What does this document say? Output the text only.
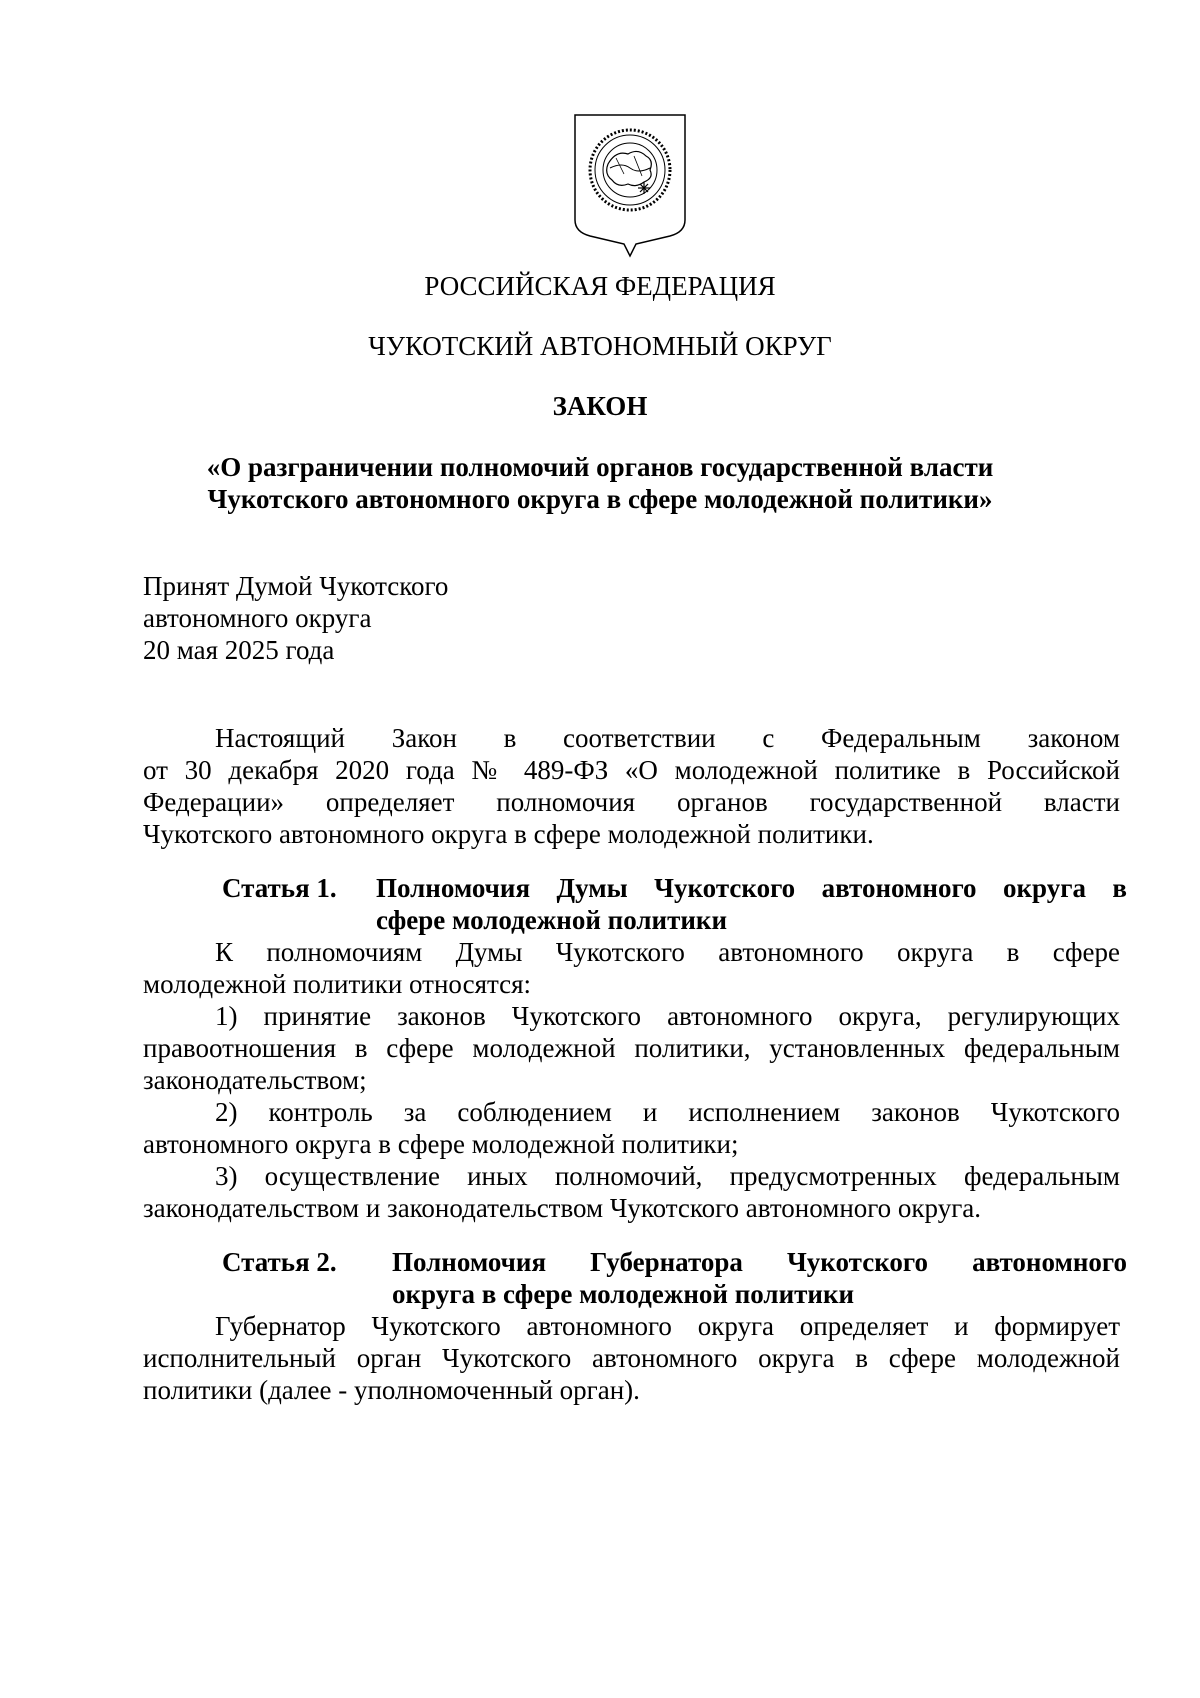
РОССИЙСКАЯ ФЕДЕРАЦИЯ
ЧУКОТСКИЙ АВТОНОМНЫЙ ОКРУГ
ЗАКОН
«О разграничении полномочий органов государственной власти
Чукотского автономного округа в сфере молодежной политики»
Принят Думой Чукотского
автономного округа
20 мая 2025 года
Настоящий Закон в соответствии с Федеральным законом
от 30 декабря 2020 года № 489-ФЗ «О молодежной политике в Российской
Федерации» определяет полномочия органов государственной власти
Чукотского автономного округа в сфере молодежной политики.
Статья 1. Полномочия Думы Чукотского автономного округа в
сфере молодежной политики
К полномочиям Думы Чукотского автономного округа в сфере
молодежной политики относятся:
1) принятие законов Чукотского автономного округа, регулирующих
правоотношения в сфере молодежной политики, установленных федеральным
законодательством;
2) контроль за соблюдением и исполнением законов Чукотского
автономного округа в сфере молодежной политики;
3) осуществление иных полномочий, предусмотренных федеральным
законодательством и законодательством Чукотского автономного округа.
Статья 2. Полномочия Губернатора Чукотского автономного
округа в сфере молодежной политики
Губернатор Чукотского автономного округа определяет и формирует
исполнительный орган Чукотского автономного округа в сфере молодежной
политики (далее - уполномоченный орган).
